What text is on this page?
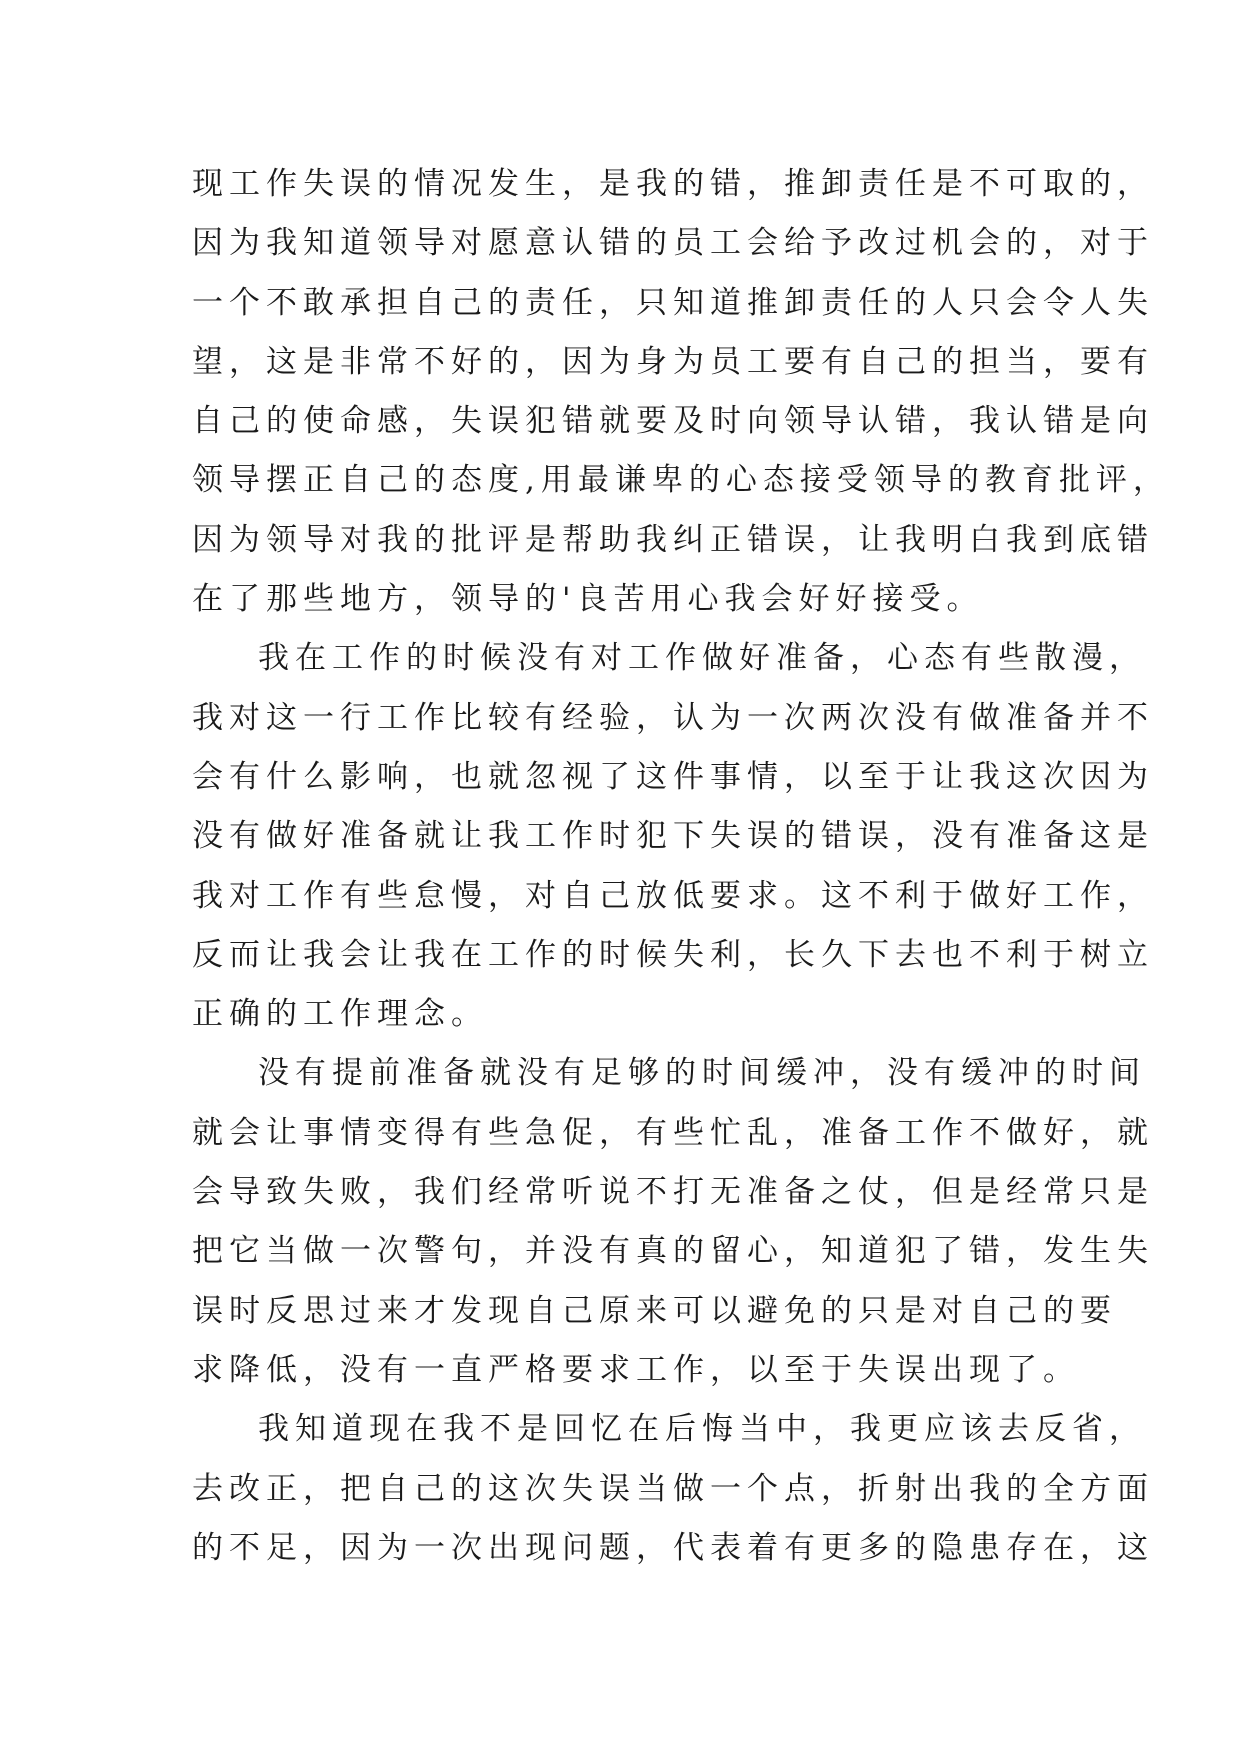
现工作失误的情况发生，是我的错，推卸责任是不可取的，
因为我知道领导对愿意认错的员工会给予改过机会的，对于
一个不敢承担自己的责任，只知道推卸责任的人只会令人失
望，这是非常不好的，因为身为员工要有自己的担当，要有
自己的使命感，失误犯错就要及时向领导认错，我认错是向
领导摆正自己的态度,用最谦卑的心态接受领导的教育批评，
因为领导对我的批评是帮助我纠正错误，让我明白我到底错
在了那些地方，领导的'良苦用心我会好好接受。
我在工作的时候没有对工作做好准备，心态有些散漫，
我对这一行工作比较有经验，认为一次两次没有做准备并不
会有什么影响，也就忽视了这件事情，以至于让我这次因为
没有做好准备就让我工作时犯下失误的错误，没有准备这是
我对工作有些怠慢，对自己放低要求。这不利于做好工作，
反而让我会让我在工作的时候失利，长久下去也不利于树立
正确的工作理念。
没有提前准备就没有足够的时间缓冲，没有缓冲的时间
就会让事情变得有些急促，有些忙乱，准备工作不做好，就
会导致失败，我们经常听说不打无准备之仗，但是经常只是
把它当做一次警句，并没有真的留心，知道犯了错，发生失
误时反思过来才发现自己原来可以避免的只是对自己的要
求降低，没有一直严格要求工作，以至于失误出现了。
我知道现在我不是回忆在后悔当中，我更应该去反省，
去改正，把自己的这次失误当做一个点，折射出我的全方面
的不足，因为一次出现问题，代表着有更多的隐患存在，这
